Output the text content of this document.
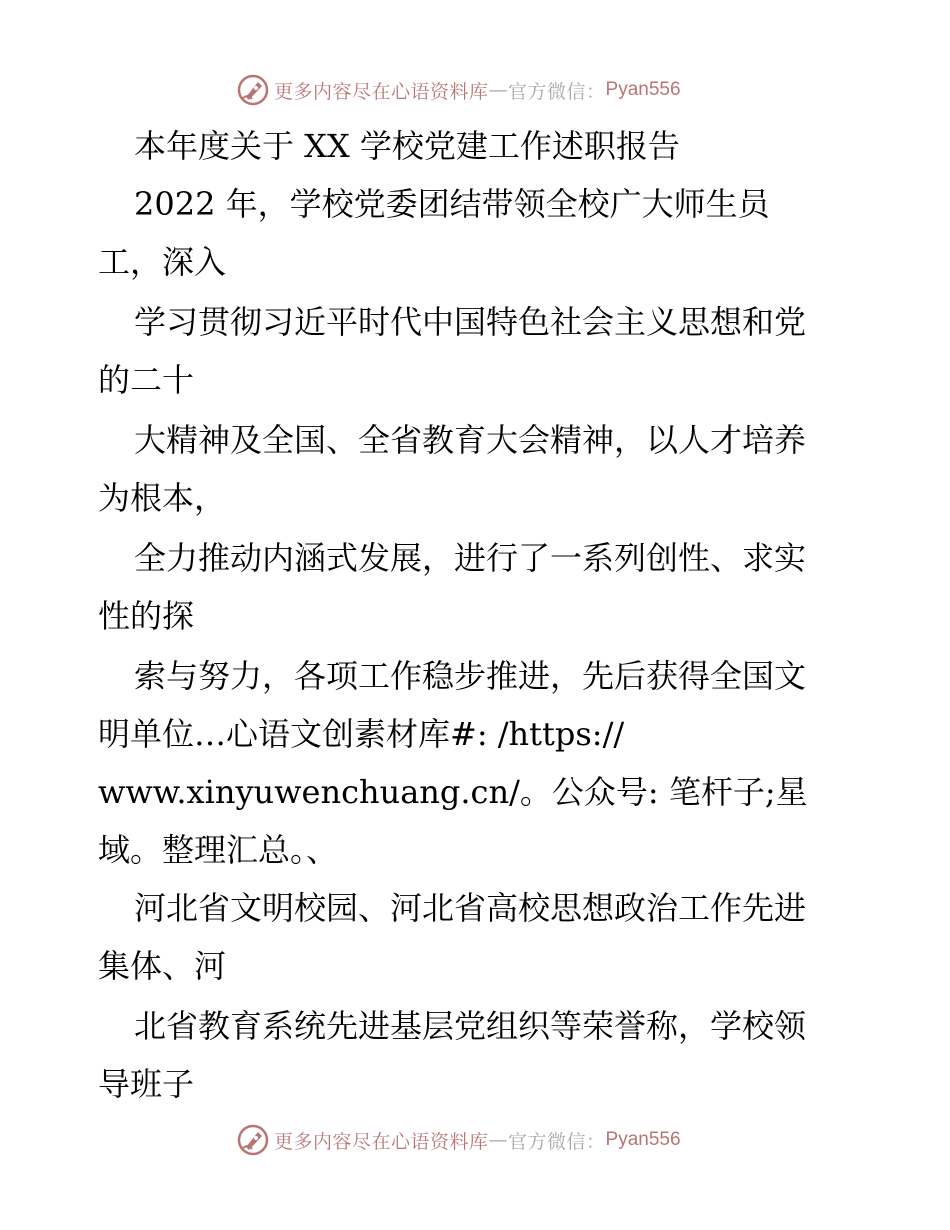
更多内容尽在心语资料库 — 官方微信： Pyan556
本年度关于 XX 学校党建工作述职报告
2022 年，学校党委团结带领全校广大师生员
工，深入
学习贯彻习近平时代中国特色社会主义思想和党
的二十
大精神及全国、全省教育大会精神，以人才培养
为根本，
全力推动内涵式发展，进行了一系列创性、求实
性的探
索与努力，各项工作稳步推进，先后获得全国文
明单位…心语文创素材库#: /https://
www.xinyuwenchuang.cn/。公众号: 笔杆子;星
域。整理汇总。、
河北省文明校园、河北省高校思想政治工作先进
集体、河
北省教育系统先进基层党组织等荣誉称，学校领
导班子
更多内容尽在心语资料库 — 官方微信： Pyan556
